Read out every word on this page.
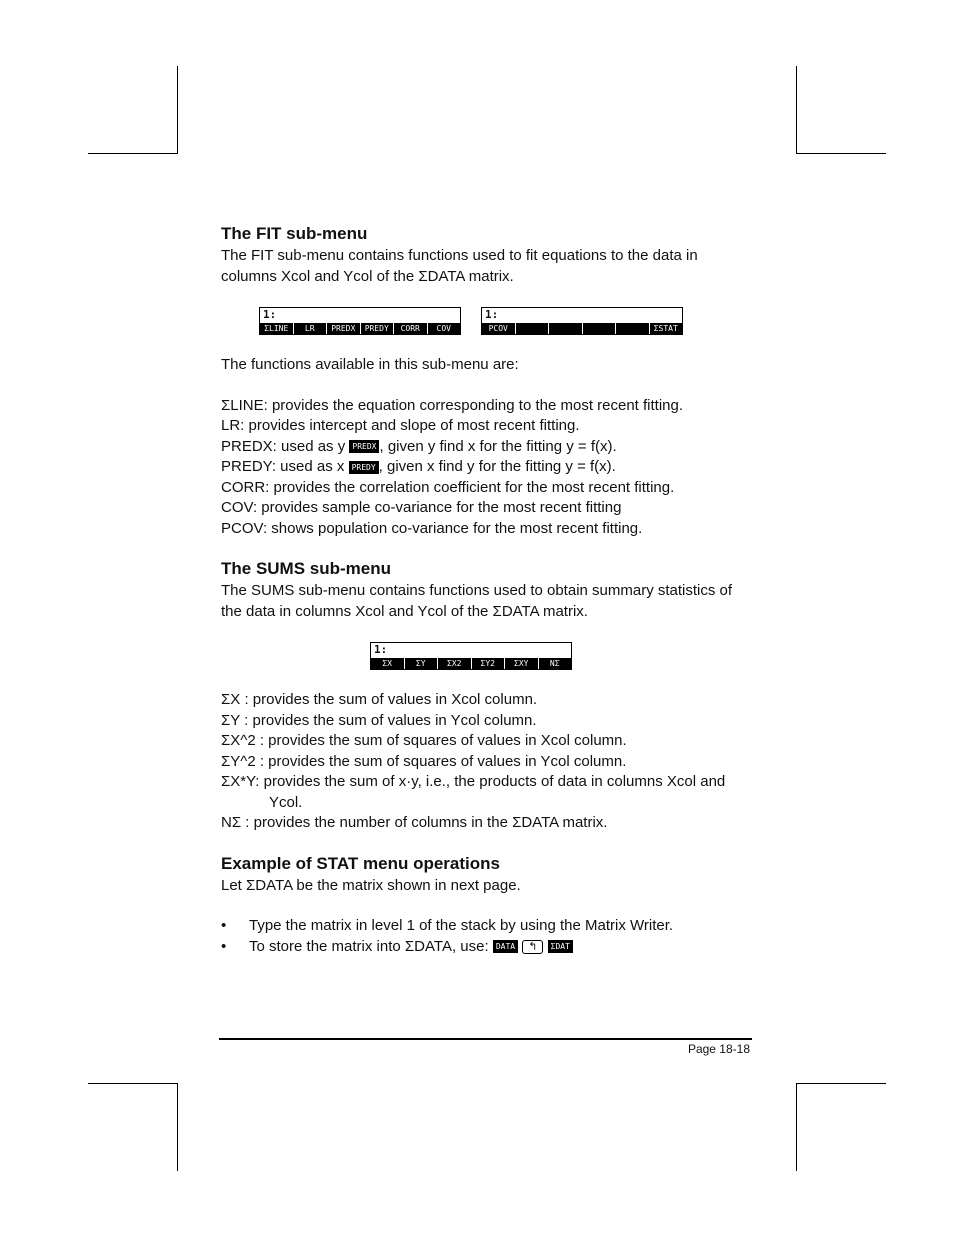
The FIT sub-menu

The FIT sub-menu contains functions used to fit equations to the data in
columns Xcol and Ycol of the ΣDATA matrix.

1:
ΣLINE	LR	PREDX	PREDY	CORR	COV
1:
PCOV	ΣSTAT

The functions available in this sub-menu are:

ΣLINE: provides the equation corresponding to the most recent fitting.
LR: provides intercept and slope of most recent fitting.
PREDX: used as y PREDX , given y find x for the fitting y = f(x).
PREDY: used as x PREDY , given x find y for the fitting y = f(x).
CORR: provides the correlation coefficient for the most recent fitting.
COV: provides sample co-variance for the most recent fitting
PCOV: shows population co-variance for the most recent fitting.
The SUMS sub-menu

The SUMS sub-menu contains functions used to obtain summary statistics of
the data in columns Xcol and Ycol of the ΣDATA matrix.

1:
ΣX	ΣY	ΣX2	ΣY2	ΣXY	NΣ
ΣX : provides the sum of values in Xcol column.
ΣY : provides the sum of values in Ycol column.
ΣX^2 : provides the sum of squares of values in Xcol column.
ΣY^2 : provides the sum of squares of values in Ycol column.
ΣX*Y: provides the sum of x·y, i.e., the products of data in columns Xcol and
Ycol.
NΣ : provides the number of columns in the ΣDATA matrix.
Example of STAT menu operations

Let ΣDATA be the matrix shown in next page.

• Type the matrix in level 1 of the stack by using the Matrix Writer.
• To store the matrix into ΣDATA, use: DATA ↰ ΣDAT
Page 18-18
